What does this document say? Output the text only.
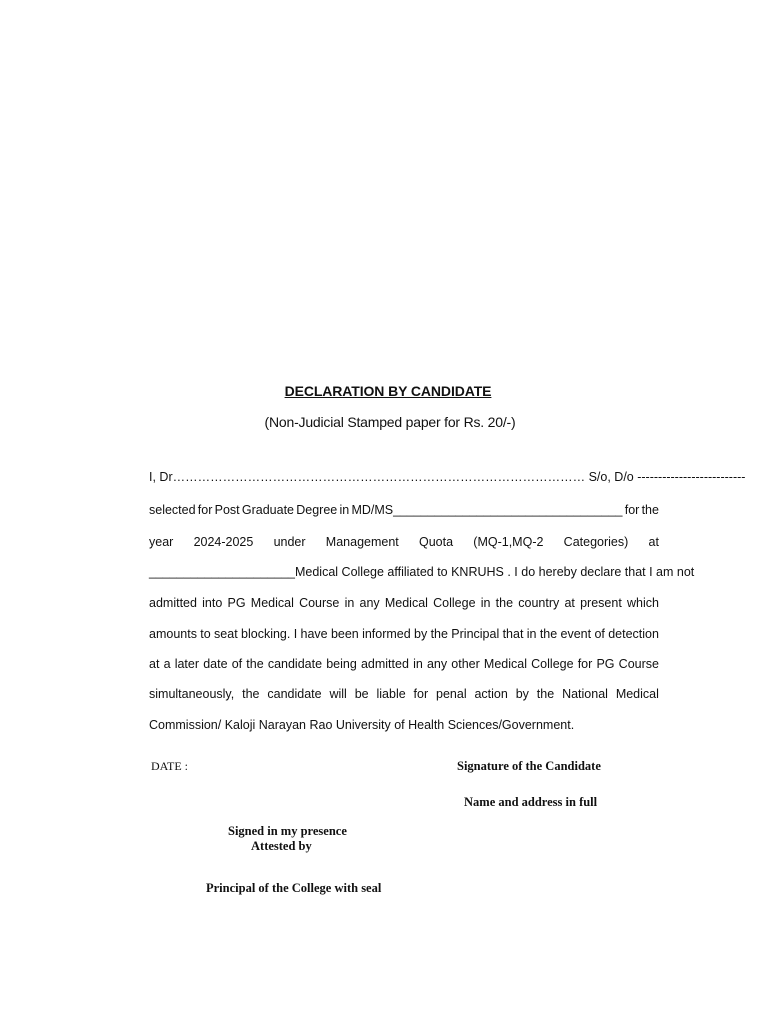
DECLARATION BY CANDIDATE
(Non-Judicial Stamped paper for Rs. 20/-)
I, Dr……………………………………………………………………………………… S/o, D/o --------------------------
selected for Post Graduate Degree in MD/MS_________________________________ for the
year 2024-2025 under Management Quota (MQ-1,MQ-2 Categories) at
_____________________Medical College affiliated to KNRUHS . I do hereby declare that I am not
admitted into PG Medical Course in any Medical College in the country at present which
amounts to seat blocking. I have been informed by the Principal that in the event of detection
at a later date of the candidate being admitted in any other Medical College for PG Course
simultaneously, the candidate will be liable for penal action by the National Medical
Commission/ Kaloji Narayan Rao University of Health Sciences/Government.
DATE :	Signature of the Candidate
Name and address in full
Signed in my presence
Attested by
Principal of the College with seal
